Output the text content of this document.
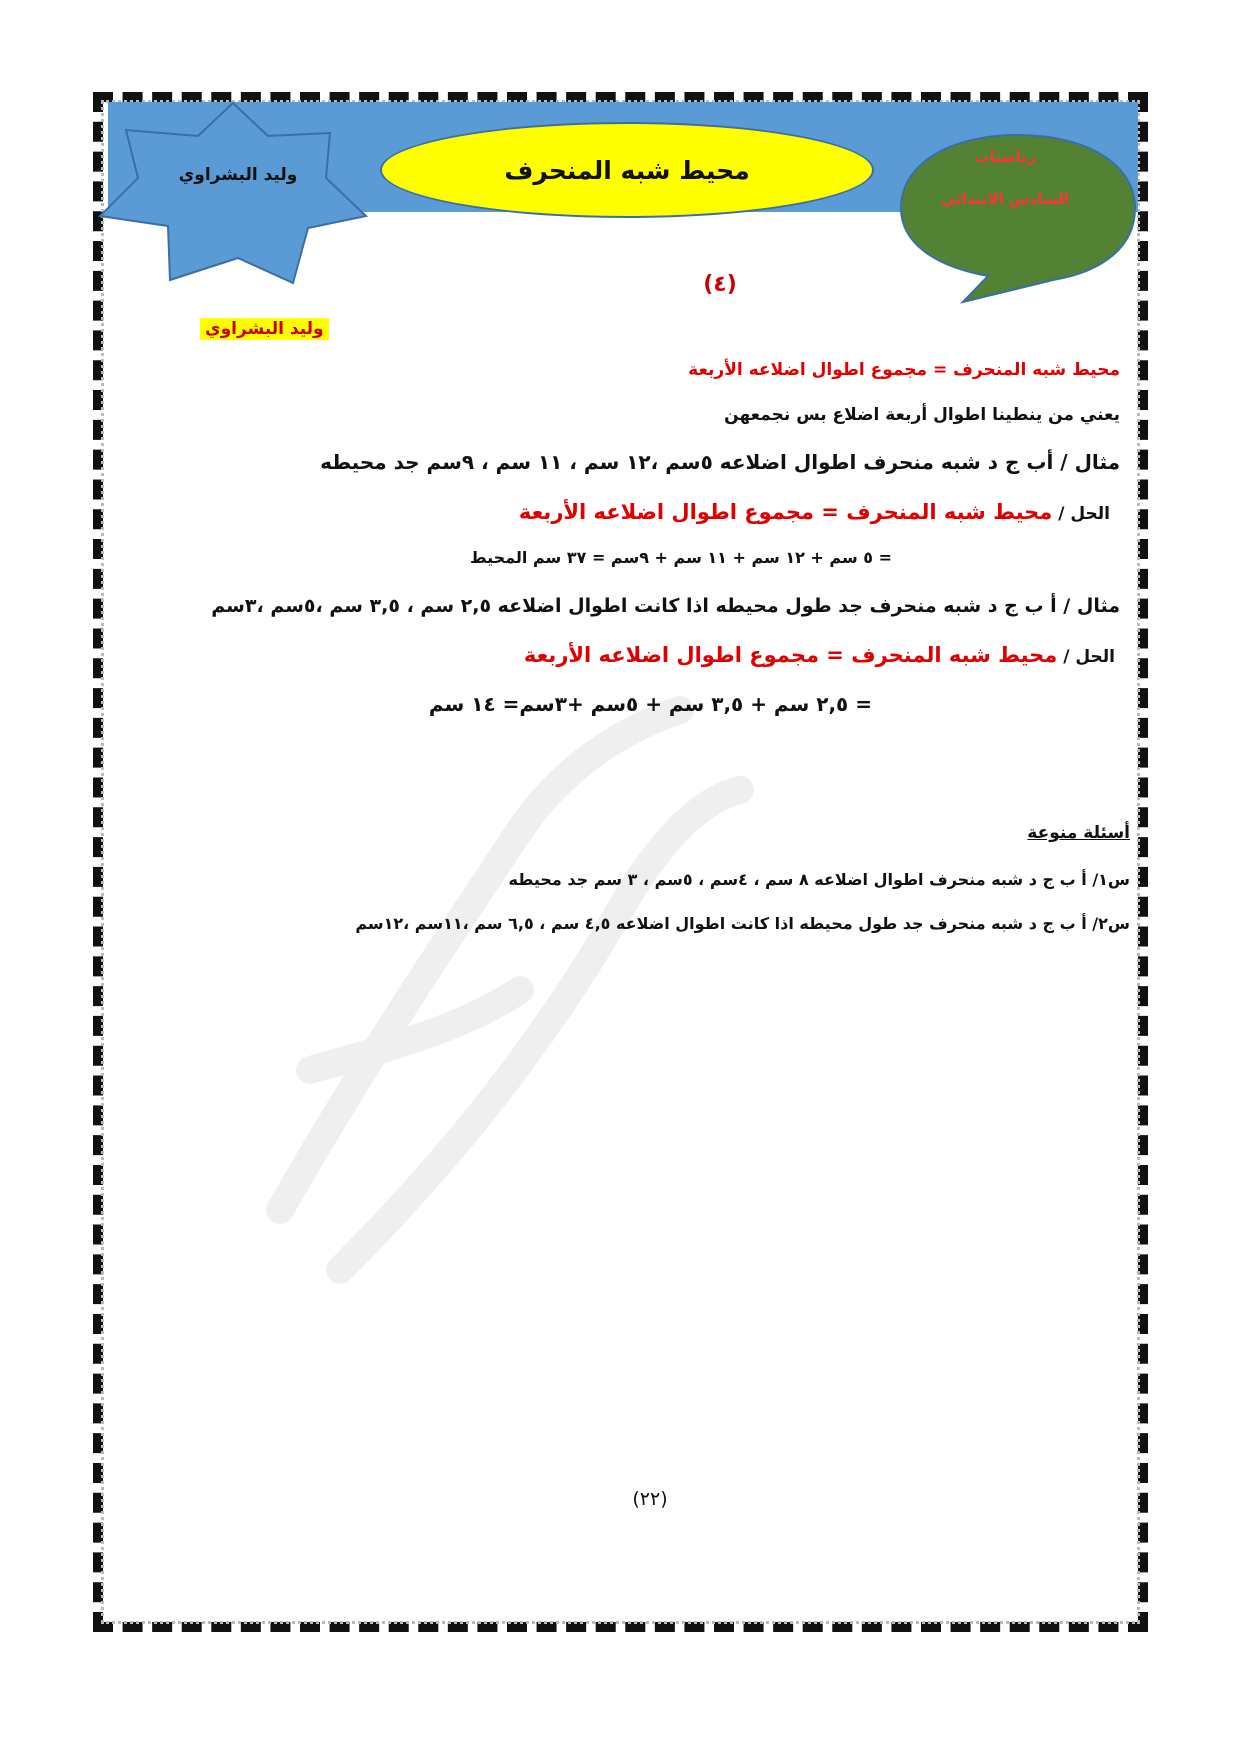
وليد البشراوي	محيط شبه المنحرف	رياضيات
السادس الابتدائي
(٤)
وليد البشراوي
محيط شبه المنحرف = مجموع اطوال اضلاعه الأربعة
يعني من ينطينا اطوال أربعة اضلاع بس نجمعهن
مثال / أب ج د شبه منحرف اطوال اضلاعه ٥سم ،١٢ سم ، ١١ سم ، ٩سم جد محيطه
الحل / محيط شبه المنحرف = مجموع اطوال اضلاعه الأربعة
= ٥ سم + ١٢ سم + ١١ سم + ٩سم = ٣٧ سم المحيط
مثال / أ ب ج د شبه منحرف جد طول محيطه اذا كانت اطوال اضلاعه ٢,٥ سم ، ٣,٥ سم ،٥سم ،٣سم
الحل / محيط شبه المنحرف = مجموع اطوال اضلاعه الأربعة
= ٢,٥ سم + ٣,٥ سم + ٥سم +٣سم= ١٤ سم
أسئلة منوعة
س١/ أ ب ج د شبه منحرف اطوال اضلاعه ٨ سم ، ٤سم ، ٥سم ، ٣ سم جد محيطه
س٢/ أ ب ج د شبه منحرف جد طول محيطه اذا كانت اطوال اضلاعه ٤,٥ سم ، ٦,٥ سم ،١١سم ،١٢سم
(٢٢)
